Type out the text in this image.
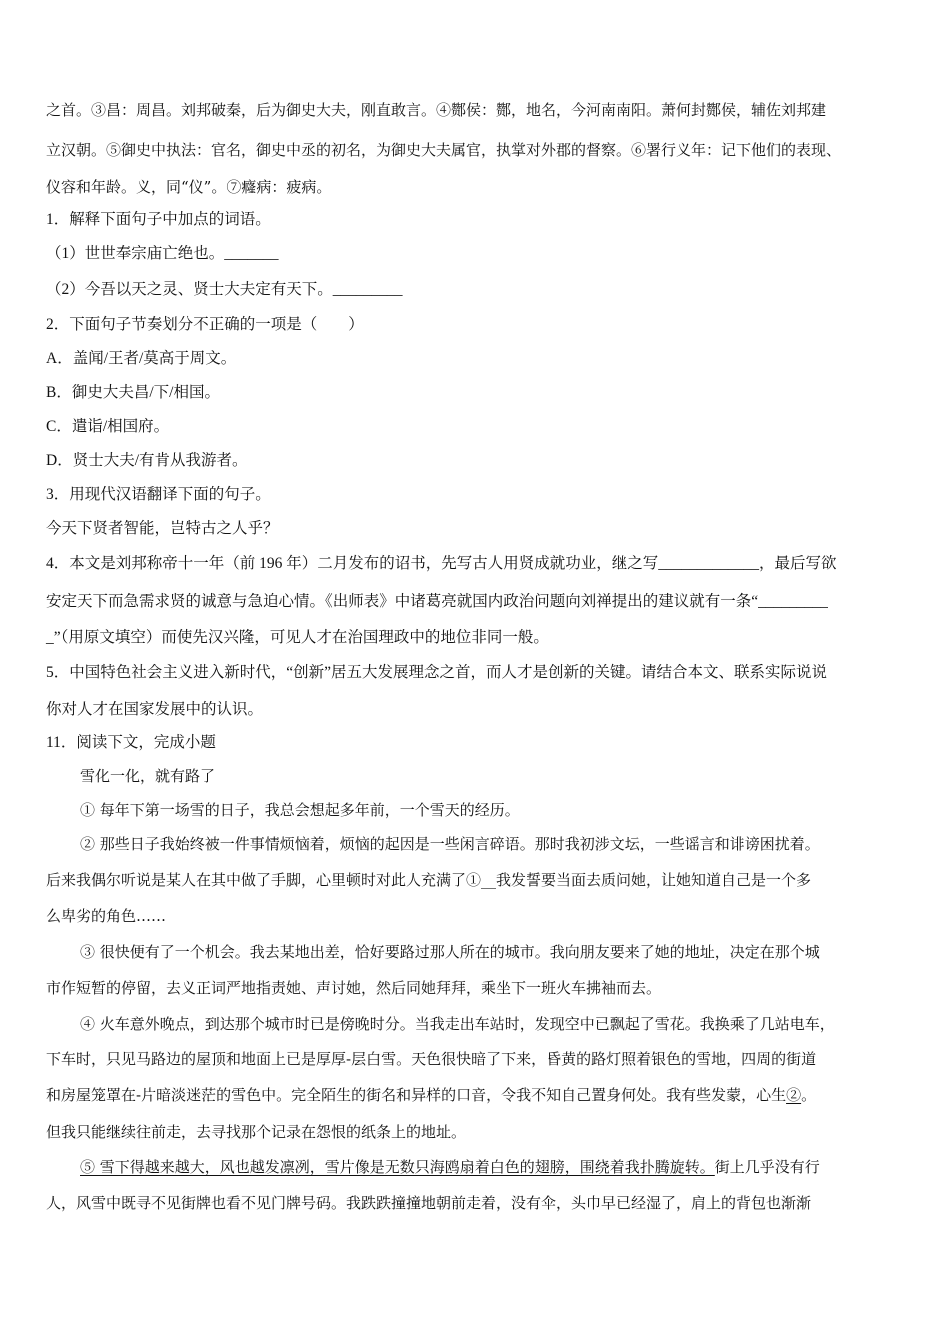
之首。③昌：周昌。刘邦破秦，后为御史大夫，刚直敢言。④酂侯：酂，地名，今河南南阳。萧何封酂侯，辅佐刘邦建

立汉朝。⑤御史中执法：官名，御史中丞的初名，为御史大夫属官，执掌对外郡的督察。⑥署行义年：记下他们的表现、

仪容和年龄。义，同“仪”。⑦癃病：疲病。

1．解释下面句子中加点的词语。

（1）世世奉宗庙亡绝也。_______

（2）今吾以天之灵、贤士大夫定有天下。_________

2．下面句子节奏划分不正确的一项是（　　）

A．盖闻/王者/莫高于周文。

B．御史大夫昌/下/相国。

C．遣诣/相国府。

D．贤士大夫/有肯从我游者。

3．用现代汉语翻译下面的句子。

今天下贤者智能，岂特古之人乎？

4．本文是刘邦称帝十一年（前 196 年）二月发布的诏书，先写古人用贤成就功业，继之写_____________，最后写欲

安定天下而急需求贤的诚意与急迫心情。《出师表》中诸葛亮就国内政治问题向刘禅提出的建议就有一条“_________

_”（用原文填空）而使先汉兴隆，可见人才在治国理政中的地位非同一般。

5．中国特色社会主义进入新时代，“创新”居五大发展理念之首，而人才是创新的关键。请结合本文、联系实际说说

你对人才在国家发展中的认识。

11．阅读下文，完成小题

雪化一化，就有路了

① 每年下第一场雪的日子，我总会想起多年前，一个雪天的经历。

② 那些日子我始终被一件事情烦恼着，烦恼的起因是一些闲言碎语。那时我初涉文坛，一些谣言和诽谤困扰着。

后来我偶尔听说是某人在其中做了手脚，心里顿时对此人充满了①__我发誓要当面去质问她，让她知道自己是一个多

么卑劣的角色……

③ 很快便有了一个机会。我去某地出差，恰好要路过那人所在的城市。我向朋友要来了她的地址，决定在那个城

市作短暂的停留，去义正词严地指责她、声讨她，然后同她拜拜，乘坐下一班火车拂袖而去。

④ 火车意外晚点，到达那个城市时已是傍晚时分。当我走出车站时，发现空中已飘起了雪花。我换乘了几站电车，

下车时，只见马路边的屋顶和地面上已是厚厚-层白雪。天色很快暗了下来，昏黄的路灯照着银色的雪地，四周的街道

和房屋笼罩在-片暗淡迷茫的雪色中。完全陌生的街名和异样的口音，令我不知自己置身何处。我有些发蒙，心生②。

但我只能继续往前走，去寻找那个记录在怨恨的纸条上的地址。

⑤ 雪下得越来越大，风也越发凛冽，雪片像是无数只海鸥扇着白色的翅膀，围绕着我扑腾旋转。街上几乎没有行

人，风雪中既寻不见街牌也看不见门牌号码。我跌跌撞撞地朝前走着，没有伞，头巾早已经湿了，肩上的背包也渐渐
